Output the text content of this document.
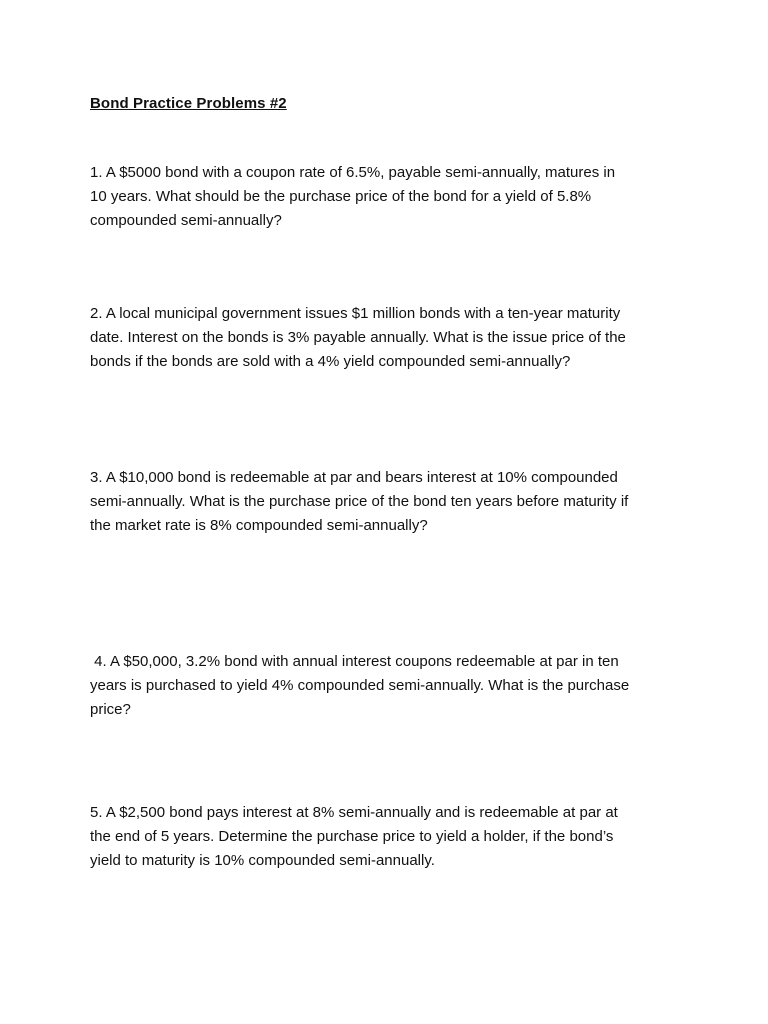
Bond Practice Problems #2
1. A $5000 bond with a coupon rate of 6.5%, payable semi-annually, matures in
10 years. What should be the purchase price of the bond for a yield of 5.8%
compounded semi-annually?
2. A local municipal government issues $1 million bonds with a ten-year maturity
date. Interest on the bonds is 3% payable annually. What is the issue price of the
bonds if the bonds are sold with a 4% yield compounded semi-annually?
3. A $10,000 bond is redeemable at par and bears interest at 10% compounded
semi-annually. What is the purchase price of the bond ten years before maturity if
the market rate is 8% compounded semi-annually?
4. A $50,000, 3.2% bond with annual interest coupons redeemable at par in ten
years is purchased to yield 4% compounded semi-annually. What is the purchase
price?
5. A $2,500 bond pays interest at 8% semi-annually and is redeemable at par at
the end of 5 years. Determine the purchase price to yield a holder, if the bond’s
yield to maturity is 10% compounded semi-annually.
